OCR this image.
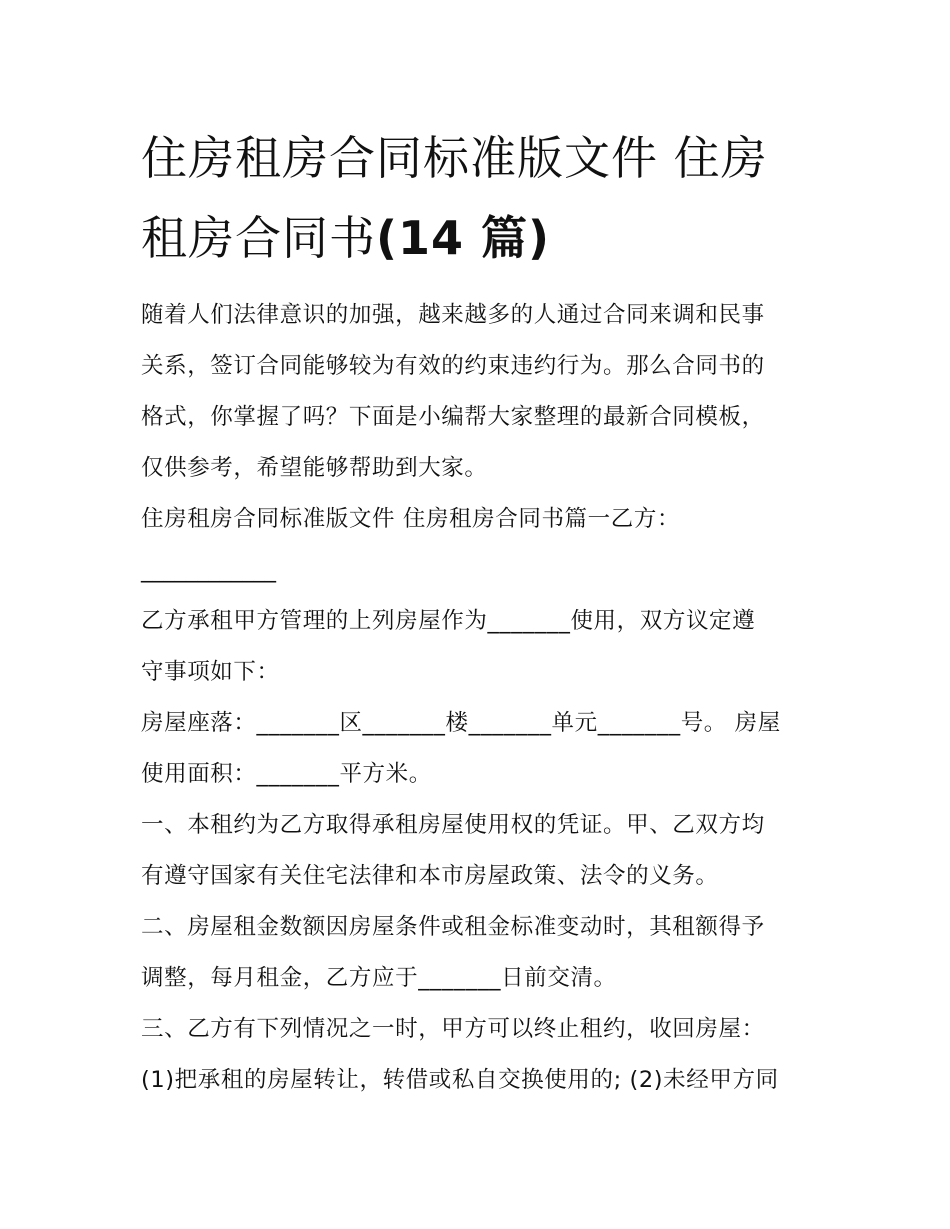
住房租房合同标准版文件 住房
租房合同书(14 篇)

随着人们法律意识的加强，越来越多的人通过合同来调和民事

关系，签订合同能够较为有效的约束违约行为。那么合同书的

格式，你掌握了吗？下面是小编帮大家整理的最新合同模板，

仅供参考，希望能够帮助到大家。

住房租房合同标准版文件 住房租房合同书篇一乙方：

____________

乙方承租甲方管理的上列房屋作为_______使用，双方议定遵

守事项如下：

房屋座落：_______区_______楼_______单元_______号。 房屋

使用面积：_______平方米。

一、本租约为乙方取得承租房屋使用权的凭证。甲、乙双方均

有遵守国家有关住宅法律和本市房屋政策、法令的义务。

二、房屋租金数额因房屋条件或租金标准变动时，其租额得予

调整，每月租金，乙方应于_______日前交清。

三、乙方有下列情况之一时，甲方可以终止租约，收回房屋：

(1)把承租的房屋转让，转借或私自交换使用的; (2)未经甲方同
